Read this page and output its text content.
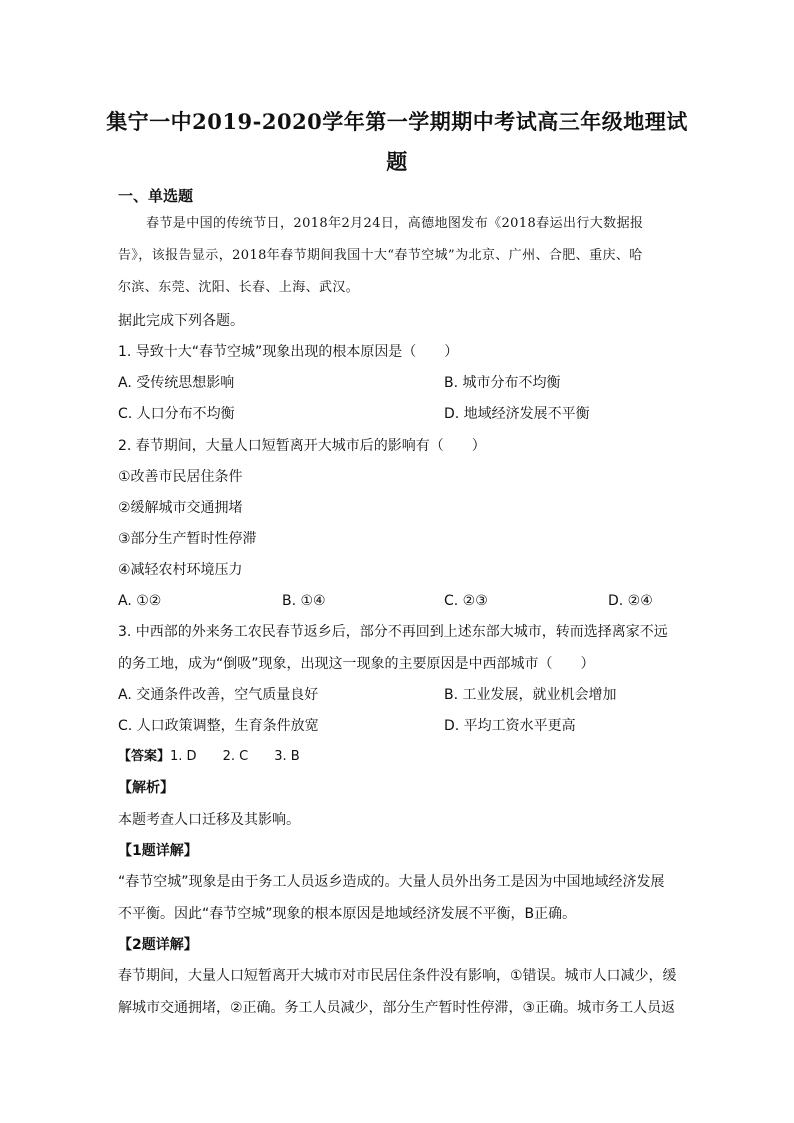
集宁一中2019-2020学年第一学期期中考试高三年级地理试
题
一、单选题
春节是中国的传统节日，2018年2月24日，高德地图发布《2018春运出行大数据报
告》，该报告显示，2018年春节期间我国十大“春节空城”为北京、广州、合肥、重庆、哈
尔滨、东莞、沈阳、长春、上海、武汉。
据此完成下列各题。
1. 导致十大“春节空城”现象出现的根本原因是（　　）
A. 受传统思想影响	B. 城市分布不均衡
C. 人口分布不均衡	D. 地域经济发展不平衡
2. 春节期间，大量人口短暂离开大城市后的影响有（　　）
①改善市民居住条件
②缓解城市交通拥堵
③部分生产暂时性停滞
④减轻农村环境压力
A. ①②	B. ①④	C. ②③	D. ②④
3. 中西部的外来务工农民春节返乡后，部分不再回到上述东部大城市，转而选择离家不远
的务工地，成为“倒吸”现象，出现这一现象的主要原因是中西部城市（　　）
A. 交通条件改善，空气质量良好	B. 工业发展，就业机会增加
C. 人口政策调整，生育条件放宽	D. 平均工资水平更高
【答案】1. D 2. C 3. B
【解析】
本题考查人口迁移及其影响。
【1题详解】
“春节空城”现象是由于务工人员返乡造成的。大量人员外出务工是因为中国地域经济发展
不平衡。因此“春节空城”现象的根本原因是地域经济发展不平衡，B正确。
【2题详解】
春节期间，大量人口短暂离开大城市对市民居住条件没有影响，①错误。城市人口减少，缓
解城市交通拥堵，②正确。务工人员减少，部分生产暂时性停滞，③正确。城市务工人员返
